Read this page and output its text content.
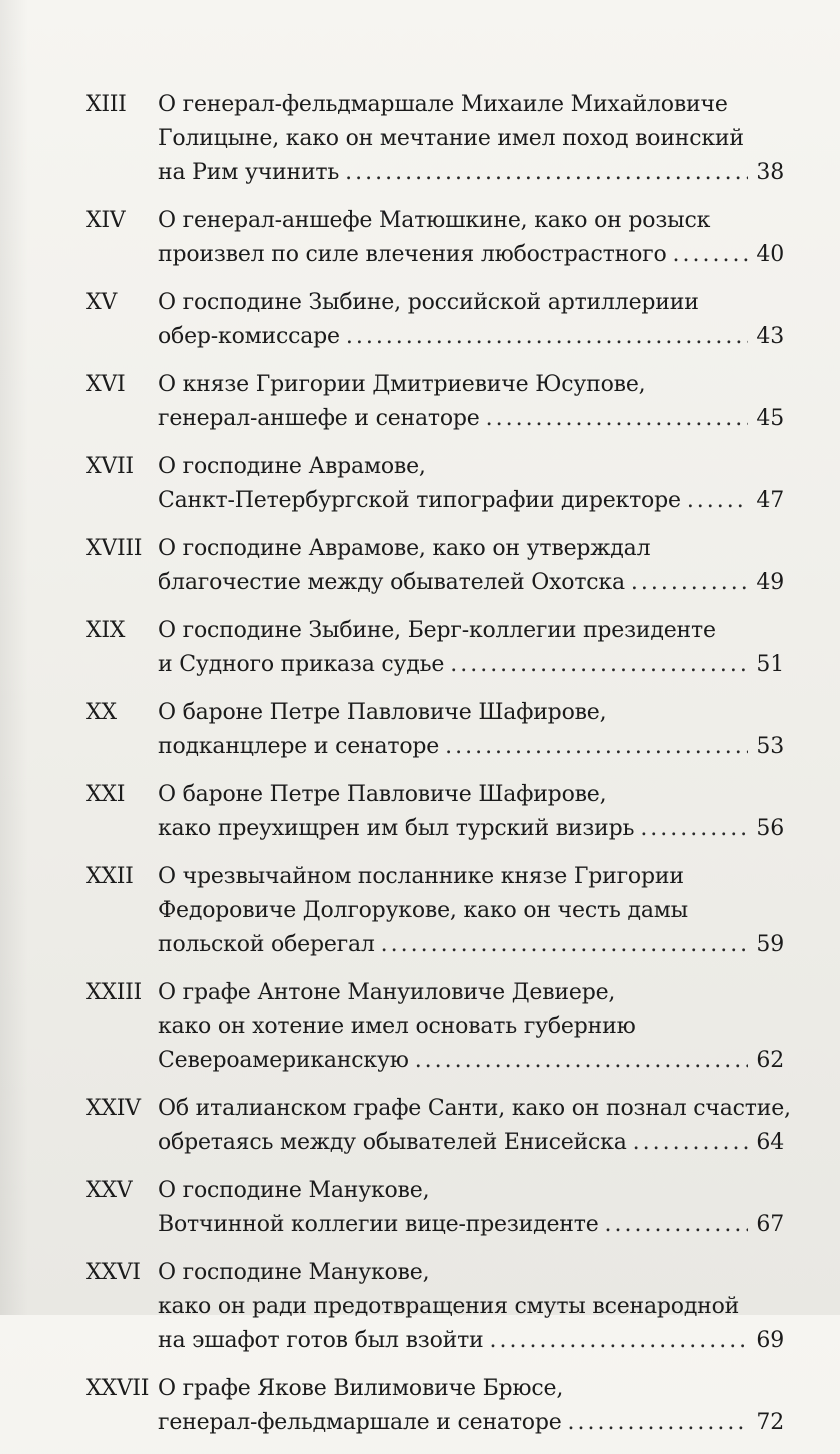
XIII	О генерал-фельдмаршале Михаиле Михайловиче
Голицыне, како он мечтание имел поход воинский
на Рим учинить . . .	38
XIV	О генерал-аншефе Матюшкине, како он розыск
произвел по силе влечения любострастного . . .	40
XV	О господине Зыбине, российской артиллериии
обер-комиссаре . . .	43
XVI	О князе Григории Дмитриевиче Юсупове,
генерал-аншефе и сенаторе . . .	45
XVII	О господине Аврамове,
Санкт-Петербургской типографии директоре . . .	47
XVIII О господине Аврамове, како он утверждал
благочестие между обывателей Охотска . . .	49
XIX	О господине Зыбине, Берг-коллегии президенте
и Судного приказа судье . . .	51
XX	О бароне Петре Павловиче Шафирове,
подканцлере и сенаторе . . .	53
XXI	О бароне Петре Павловиче Шафирове,
како преухищрен им был турский визирь . . .	56
XXII	О чрезвычайном посланнике князе Григории
Федоровиче Долгорукове, како он честь дамы
польской оберегал . . .	59
XXIII О графе Антоне Мануиловиче Девиере,
како он хотение имел основать губернию
Североамериканскую . . .	62
XXIV Об италианском графе Санти, како он познал счастие,
обретаясь между обывателей Енисейска . . .	64
XXV	О господине Манукове,
Вотчинной коллегии вице-президенте . . .	67
XXVI О господине Манукове,
како он ради предотвращения смуты всенародной
на эшафот готов был взойти . . .	69
XXVII О графе Якове Вилимовиче Брюсе,
генерал-фельдмаршале и сенаторе . . .	72
